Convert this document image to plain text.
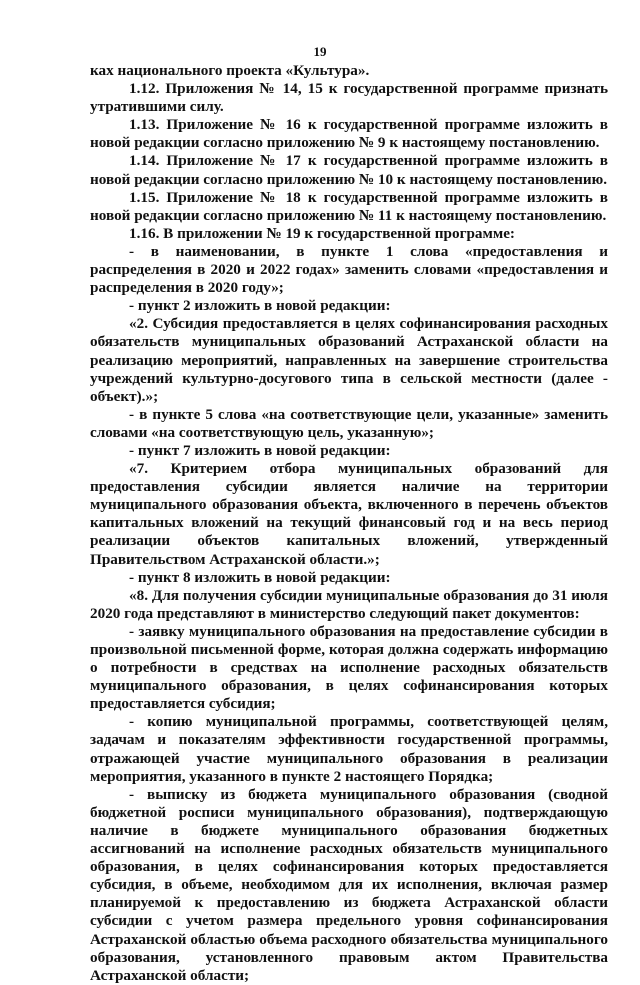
19

ках национального проекта «Культура».

1.12. Приложения № 14, 15 к государственной программе признать утратившими силу.

1.13. Приложение № 16 к государственной программе изложить в новой редакции согласно приложению № 9 к настоящему постановлению.

1.14. Приложение № 17 к государственной программе изложить в новой редакции согласно приложению № 10 к настоящему постановлению.

1.15. Приложение № 18 к государственной программе изложить в новой редакции согласно приложению № 11 к настоящему постановлению.

1.16. В приложении № 19 к государственной программе:

- в наименовании, в пункте 1 слова «предоставления и распределения в 2020 и 2022 годах» заменить словами «предоставления и распределения в 2020 году»;

- пункт 2 изложить в новой редакции:

«2. Субсидия предоставляется в целях софинансирования расходных обязательств муниципальных образований Астраханской области на реализацию мероприятий, направленных на завершение строительства учреждений культурно-досугового типа в сельской местности (далее - объект).»;

- в пункте 5 слова «на соответствующие цели, указанные» заменить словами «на соответствующую цель, указанную»;

- пункт 7 изложить в новой редакции:

«7. Критерием отбора муниципальных образований для предоставления субсидии является наличие на территории муниципального образования объекта, включенного в перечень объектов капитальных вложений на текущий финансовый год и на весь период реализации объектов капитальных вложений, утвержденный Правительством Астраханской области.»;

- пункт 8 изложить в новой редакции:

«8. Для получения субсидии муниципальные образования до 31 июля 2020 года представляют в министерство следующий пакет документов:

- заявку муниципального образования на предоставление субсидии в произвольной письменной форме, которая должна содержать информацию о потребности в средствах на исполнение расходных обязательств муниципального образования, в целях софинансирования которых предоставляется субсидия;

- копию муниципальной программы, соответствующей целям, задачам и показателям эффективности государственной программы, отражающей участие муниципального образования в реализации мероприятия, указанного в пункте 2 настоящего Порядка;

- выписку из бюджета муниципального образования (сводной бюджетной росписи муниципального образования), подтверждающую наличие в бюджете муниципального образования бюджетных ассигнований на исполнение расходных обязательств муниципального образования, в целях софинансирования которых предоставляется субсидия, в объеме, необходимом для их исполнения, включая размер планируемой к предоставлению из бюджета Астраханской области субсидии с учетом размера предельного уровня софинансирования Астраханской областью объема расходного обязательства муниципального образования, установленного правовым актом Правительства Астраханской области;
